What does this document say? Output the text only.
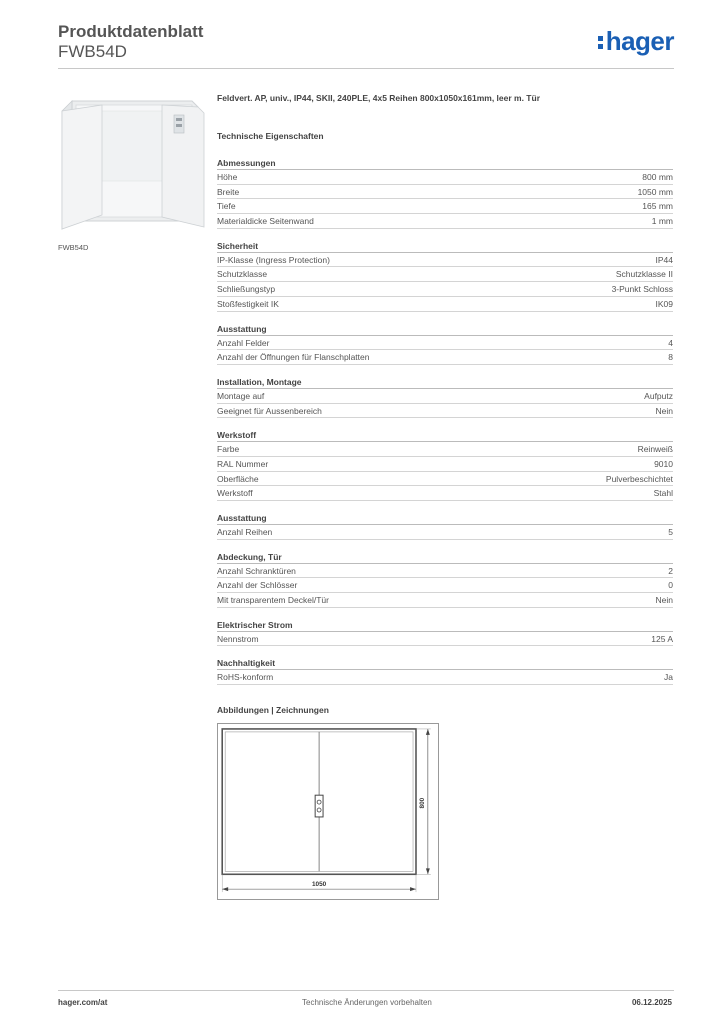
Produktdatenblatt
FWB54D	hager
FWB54D
Feldvert. AP, univ., IP44, SKII, 240PLE, 4x5 Reihen 800x1050x161mm, leer m. Tür
Technische Eigenschaften
Abmessungen
Höhe	800 mm
Breite	1050 mm
Tiefe	165 mm
Materialdicke Seitenwand	1 mm
Sicherheit
IP-Klasse (Ingress Protection)	IP44
Schutzklasse	Schutzklasse II
Schließungstyp	3-Punkt Schloss
Stoßfestigkeit IK	IK09
Ausstattung
Anzahl Felder	4
Anzahl der Öffnungen für Flanschplatten	8
Installation, Montage
Montage auf	Aufputz
Geeignet für Aussenbereich	Nein
Werkstoff
Farbe	Reinweiß
RAL Nummer	9010
Oberfläche	Pulverbeschichtet
Werkstoff	Stahl
Ausstattung
Anzahl Reihen	5
Abdeckung, Tür
Anzahl Schranktüren	2
Anzahl der Schlösser	0
Mit transparentem Deckel/Tür	Nein
Elektrischer Strom
Nennstrom	125 A
Nachhaltigkeit
RoHS-konform	Ja
Abbildungen | Zeichnungen
800
1050
hager.com/at	Technische Änderungen vorbehalten	06.12.2025
